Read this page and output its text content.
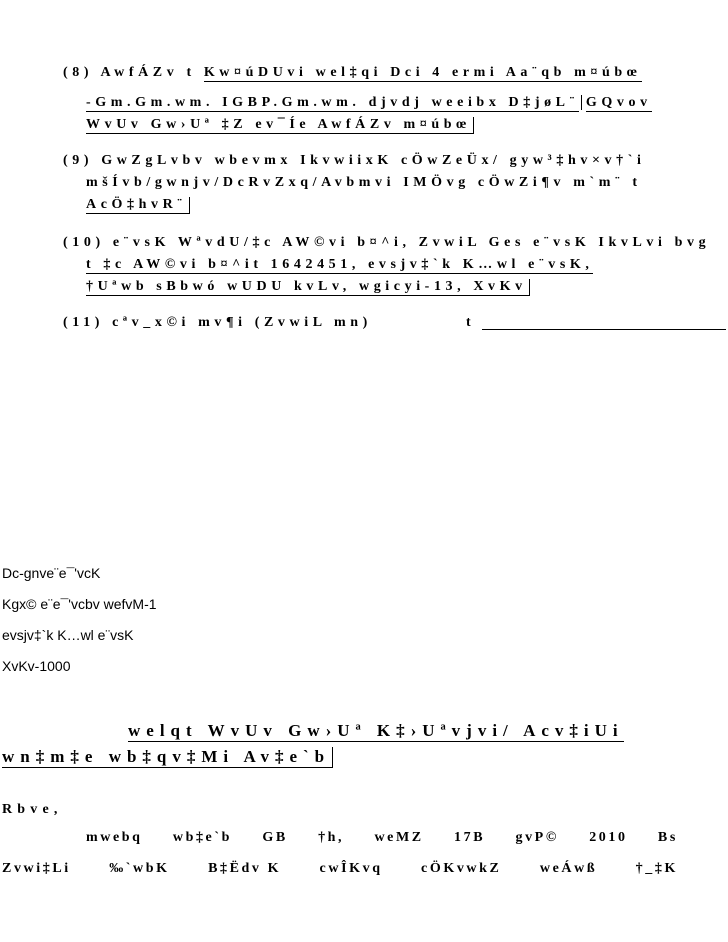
(8) AwfÁZv t Kw¤úDUvi wel‡qi Dci 4 ermi Aa¨qb m¤úbœ
-Gm.Gm.wm. IGBP.Gm.wm. djvdj weeibx D‡jøL¨ GQvov
WvUv Gw›Uª ‡Z ev¯Íe AwfÁZv m¤úbœ
(9) GwZgLvbv wbevmx IkvwiixK cÖwZeÜx/ gyw³‡hv×v†`i
mšÍvb/gwnjv/DcRvZxq/Avbmvi IMÖvg cÖwZi¶v m`m¨ t
AcÖ‡hvR¨
(10) e¨vsK WªvdU/‡c AW©vi b¤^i, ZvwiL Ges e¨vsK IkvLvi bvg
t ‡c AW©vi b¤^it 1642451, evsjv‡`k K…wl e¨vsK,
†Uªwb sBbwó wUDU kvLv, wgicyi-13, XvKv
(11) cªv_x©i mv¶i (ZvwiL mn)	t
Dc-gnve¨e¯'vcK
Kgx© e¨e¯'vcbv wefvM-1
evsjv‡`k K…wl e¨vsK
XvKv-1000
welqt WvUv Gw›Uª K‡›Uªvjvi/ Acv‡iUi
wn‡m‡e wb‡qv‡Mi Av‡e`b
Rbve,
mwebq wb‡e`b GB †h, weMZ 17B gvP© 2010 Bs
Zvwi‡Li	‰`wbK	B‡Ëdv K	cwÎKvq	cÖKvwkZ	weÁwß	†_‡K
